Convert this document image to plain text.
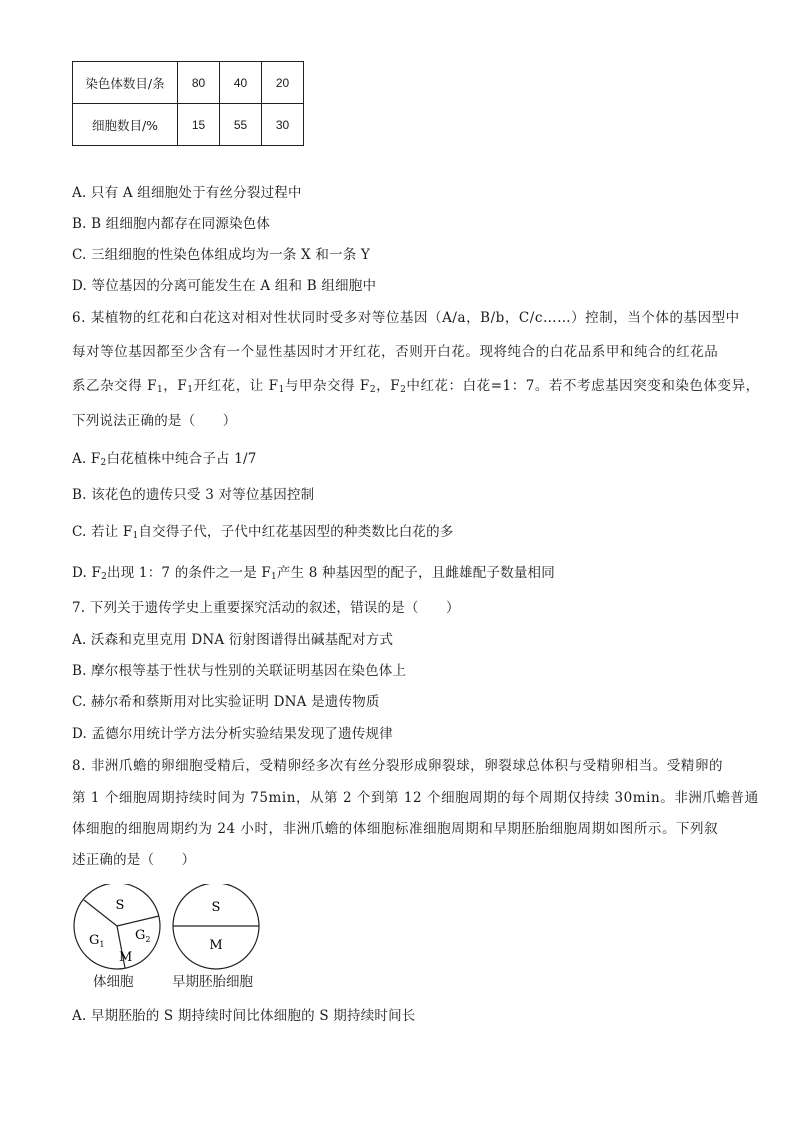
染色体数目/条	80	40	20
细胞数目/%	15	55	30
A. 只有 A 组细胞处于有丝分裂过程中
B. B 组细胞内都存在同源染色体
C. 三组细胞的性染色体组成均为一条 X 和一条 Y
D. 等位基因的分离可能发生在 A 组和 B 组细胞中
6. 某植物的红花和白花这对相对性状同时受多对等位基因（A/a，B/b，C/c……）控制，当个体的基因型中
每对等位基因都至少含有一个显性基因时才开红花，否则开白花。现将纯合的白花品系甲和纯合的红花品
系乙杂交得 $F_1$，$F_1$开红花，让 $F_1$与甲杂交得 $F_2$，$F_2$中红花：白花=1：7。若不考虑基因突变和染色体变异，
下列说法正确的是（　　）
A. $F_2$白花植株中纯合子占 1/7
B. 该花色的遗传只受 3 对等位基因控制
C. 若让 $F_1$自交得子代，子代中红花基因型的种类数比白花的多
D. $F_2$出现 1：7 的条件之一是 $F_1$产生 8 种基因型的配子，且雌雄配子数量相同
7. 下列关于遗传学史上重要探究活动的叙述，错误的是（　　）
A. 沃森和克里克用 DNA 衍射图谱得出碱基配对方式
B. 摩尔根等基于性状与性别的关联证明基因在染色体上
C. 赫尔希和蔡斯用对比实验证明 DNA 是遗传物质
D. 孟德尔用统计学方法分析实验结果发现了遗传规律
8. 非洲爪蟾的卵细胞受精后，受精卵经多次有丝分裂形成卵裂球，卵裂球总体积与受精卵相当。受精卵的
第 1 个细胞周期持续时间为 75min，从第 2 个到第 12 个细胞周期的每个周期仅持续 30min。非洲爪蟾普通
体细胞的细胞周期约为 24 小时，非洲爪蟾的体细胞标准细胞周期和早期胚胎细胞周期如图所示。下列叙
述正确的是（　　）
S
$G_1$
$G_2$
M
S
M
体细胞	早期胚胎细胞
A. 早期胚胎的 S 期持续时间比体细胞的 S 期持续时间长
